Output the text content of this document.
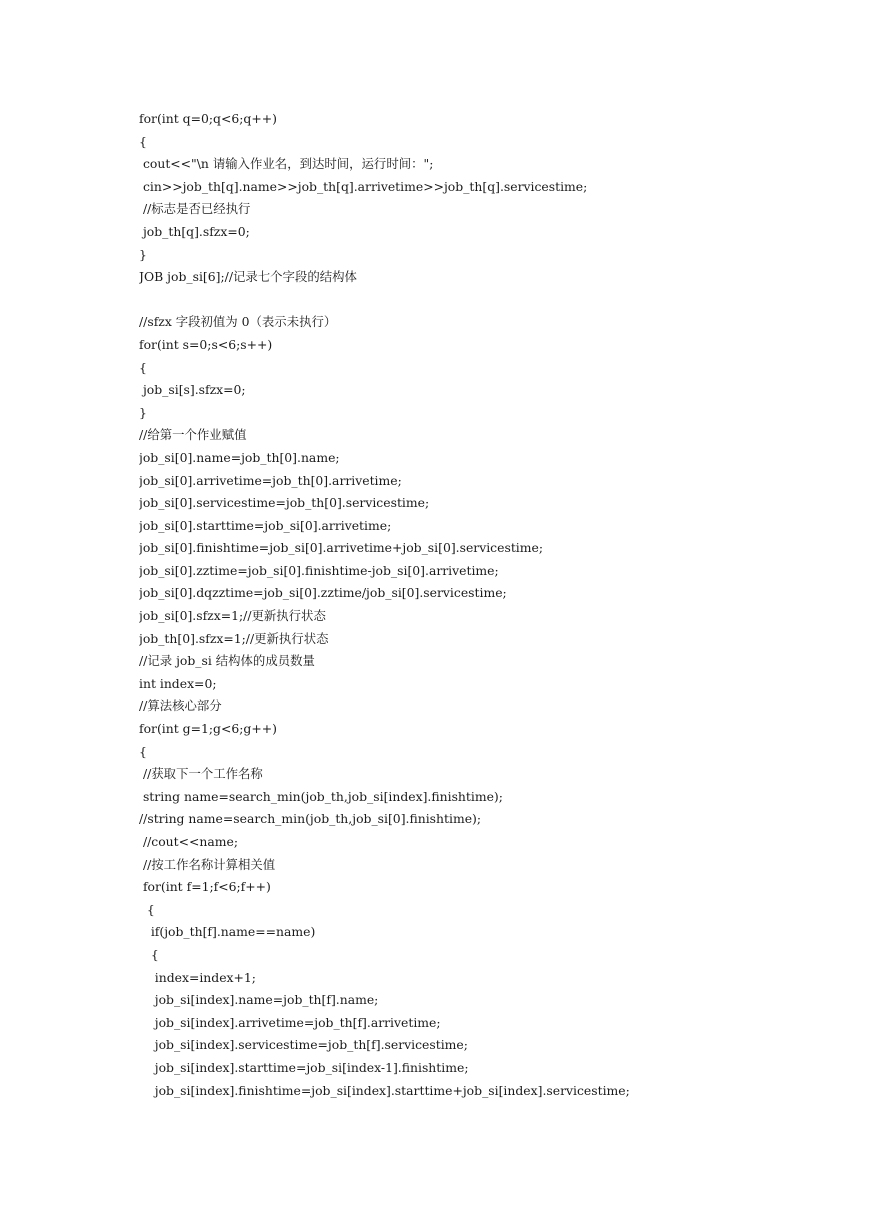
for(int q=0;q<6;q++)
{
cout<<"\n 请输入作业名，到达时间，运行时间：";
cin>>job_th[q].name>>job_th[q].arrivetime>>job_th[q].servicestime;
//标志是否已经执行
job_th[q].sfzx=0;
}
JOB job_si[6];//记录七个字段的结构体
//sfzx 字段初值为 0（表示未执行）
for(int s=0;s<6;s++)
{
job_si[s].sfzx=0;
}
//给第一个作业赋值
job_si[0].name=job_th[0].name;
job_si[0].arrivetime=job_th[0].arrivetime;
job_si[0].servicestime=job_th[0].servicestime;
job_si[0].starttime=job_si[0].arrivetime;
job_si[0].finishtime=job_si[0].arrivetime+job_si[0].servicestime;
job_si[0].zztime=job_si[0].finishtime-job_si[0].arrivetime;
job_si[0].dqzztime=job_si[0].zztime/job_si[0].servicestime;
job_si[0].sfzx=1;//更新执行状态
job_th[0].sfzx=1;//更新执行状态
//记录 job_si 结构体的成员数量
int index=0;
//算法核心部分
for(int g=1;g<6;g++)
{
//获取下一个工作名称
string name=search_min(job_th,job_si[index].finishtime);
//string name=search_min(job_th,job_si[0].finishtime);
//cout<<name;
//按工作名称计算相关值
for(int f=1;f<6;f++)
{
if(job_th[f].name==name)
{
index=index+1;
job_si[index].name=job_th[f].name;
job_si[index].arrivetime=job_th[f].arrivetime;
job_si[index].servicestime=job_th[f].servicestime;
job_si[index].starttime=job_si[index-1].finishtime;
job_si[index].finishtime=job_si[index].starttime+job_si[index].servicestime;
